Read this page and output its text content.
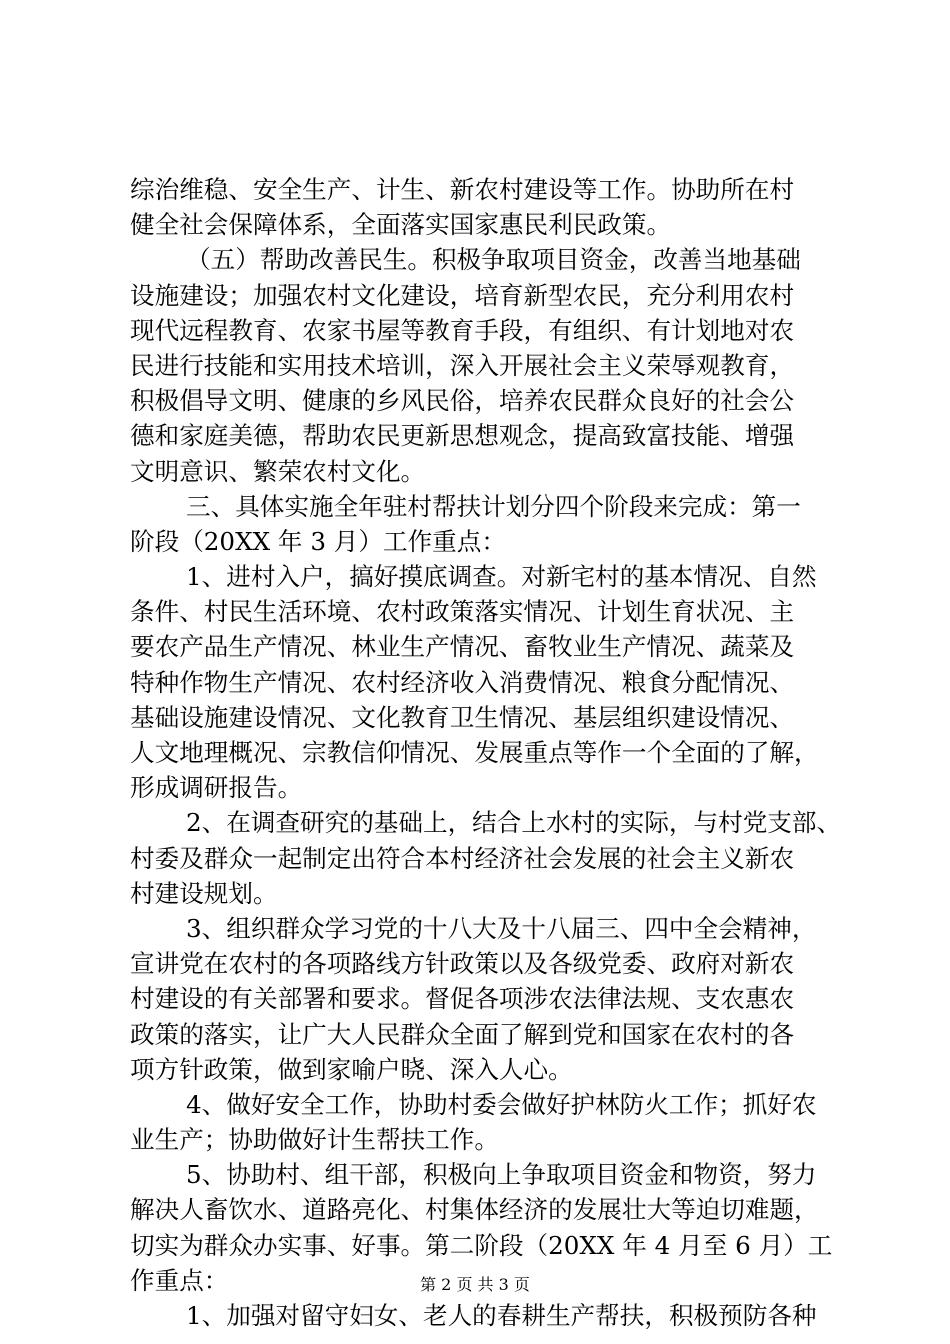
综治维稳、安全生产、计生、新农村建设等工作。协助所在村
健全社会保障体系，全面落实国家惠民利民政策。
（五）帮助改善民生。积极争取项目资金，改善当地基础
设施建设；加强农村文化建设，培育新型农民，充分利用农村
现代远程教育、农家书屋等教育手段，有组织、有计划地对农
民进行技能和实用技术培训，深入开展社会主义荣辱观教育，
积极倡导文明、健康的乡风民俗，培养农民群众良好的社会公
德和家庭美德，帮助农民更新思想观念，提高致富技能、增强
文明意识、繁荣农村文化。
三、具体实施全年驻村帮扶计划分四个阶段来完成：第一
阶段（20XX 年 3 月）工作重点：
1、进村入户，搞好摸底调查。对新宅村的基本情况、自然
条件、村民生活环境、农村政策落实情况、计划生育状况、主
要农产品生产情况、林业生产情况、畜牧业生产情况、蔬菜及
特种作物生产情况、农村经济收入消费情况、粮食分配情况、
基础设施建设情况、文化教育卫生情况、基层组织建设情况、
人文地理概况、宗教信仰情况、发展重点等作一个全面的了解，
形成调研报告。
2、在调查研究的基础上，结合上水村的实际，与村党支部、
村委及群众一起制定出符合本村经济社会发展的社会主义新农
村建设规划。
3、组织群众学习党的十八大及十八届三、四中全会精神，
宣讲党在农村的各项路线方针政策以及各级党委、政府对新农
村建设的有关部署和要求。督促各项涉农法律法规、支农惠农
政策的落实，让广大人民群众全面了解到党和国家在农村的各
项方针政策，做到家喻户晓、深入人心。
4、做好安全工作，协助村委会做好护林防火工作；抓好农
业生产；协助做好计生帮扶工作。
5、协助村、组干部，积极向上争取项目资金和物资，努力
解决人畜饮水、道路亮化、村集体经济的发展壮大等迫切难题，
切实为群众办实事、好事。第二阶段（20XX 年 4 月至 6 月）工
作重点：
1、加强对留守妇女、老人的春耕生产帮扶，积极预防各种
第 2 页 共 3 页
